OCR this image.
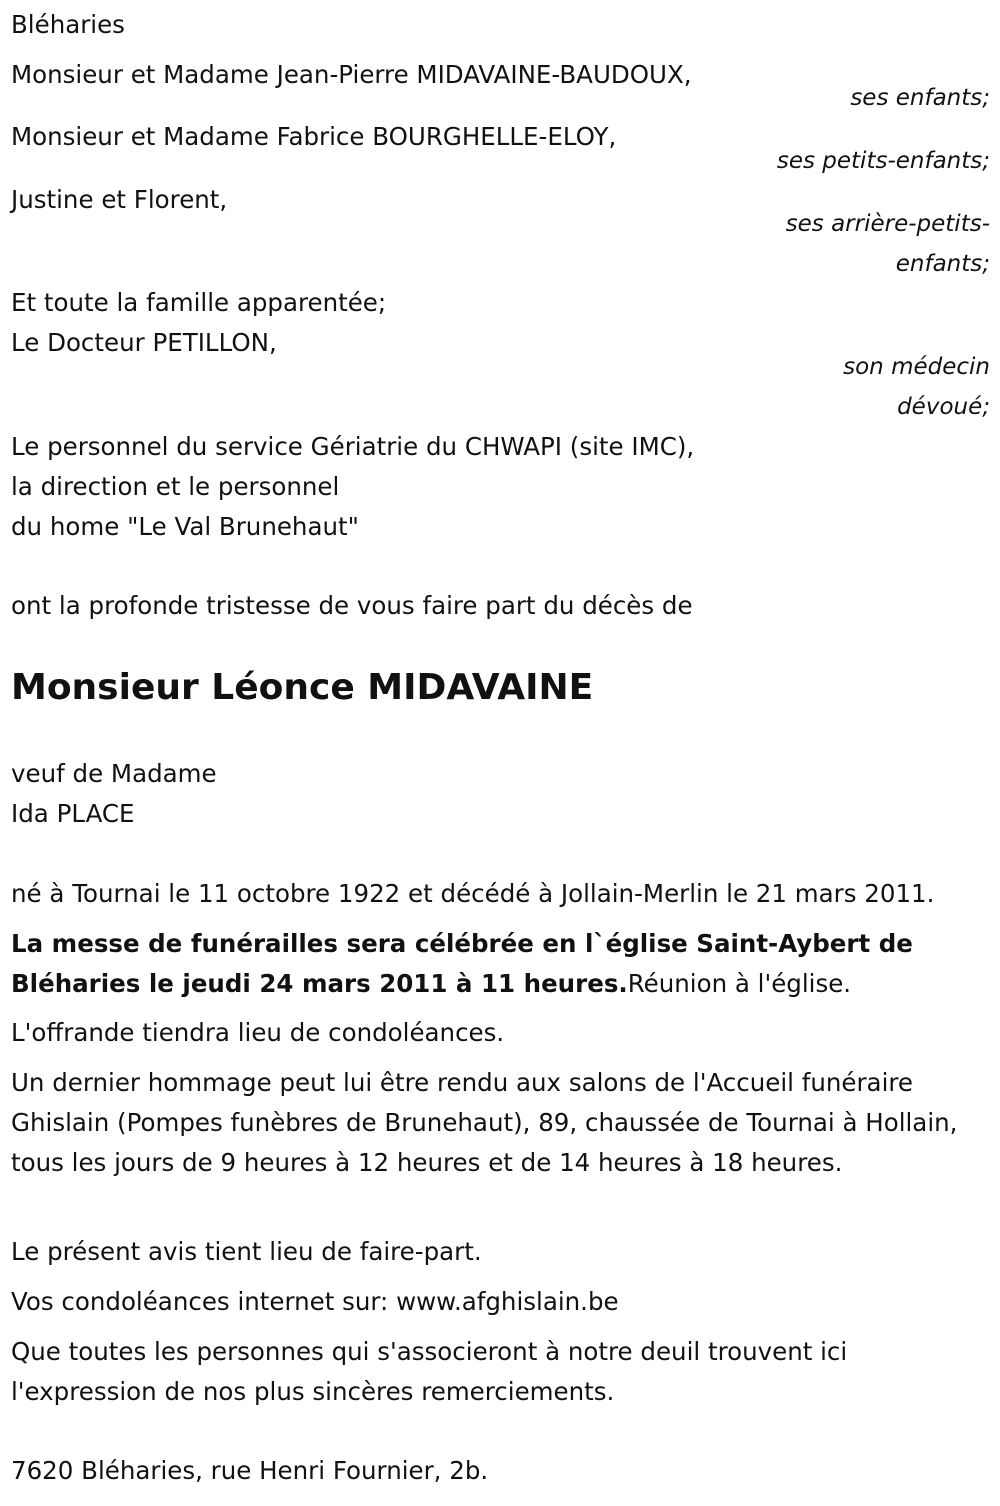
Bléharies

Monsieur et Madame Jean-Pierre MIDAVAINE-BAUDOUX,

ses enfants;

Monsieur et Madame Fabrice BOURGHELLE-ELOY,

ses petits-enfants;

Justine et Florent,

ses arrière-petits-

enfants;

Et toute la famille apparentée;

Le Docteur PETILLON,

son médecin

dévoué;

Le personnel du service Gériatrie du CHWAPI (site IMC),

la direction et le personnel

du home "Le Val Brunehaut"

ont la profonde tristesse de vous faire part du décès de

Monsieur Léonce MIDAVAINE

veuf de Madame

Ida PLACE

né à Tournai le 11 octobre 1922 et décédé à Jollain-Merlin le 21 mars 2011.

La messe de funérailles sera célébrée en l`église Saint-Aybert de Bléharies le jeudi 24 mars 2011 à 11 heures.Réunion à l'église.

L'offrande tiendra lieu de condoléances.

Un dernier hommage peut lui être rendu aux salons de l'Accueil funéraire Ghislain (Pompes funèbres de Brunehaut), 89, chaussée de Tournai à Hollain, tous les jours de 9 heures à 12 heures et de 14 heures à 18 heures.

Le présent avis tient lieu de faire-part.

Vos condoléances internet sur: www.afghislain.be

Que toutes les personnes qui s'associeront à notre deuil trouvent ici l'expression de nos plus sincères remerciements.

7620 Bléharies, rue Henri Fournier, 2b.
